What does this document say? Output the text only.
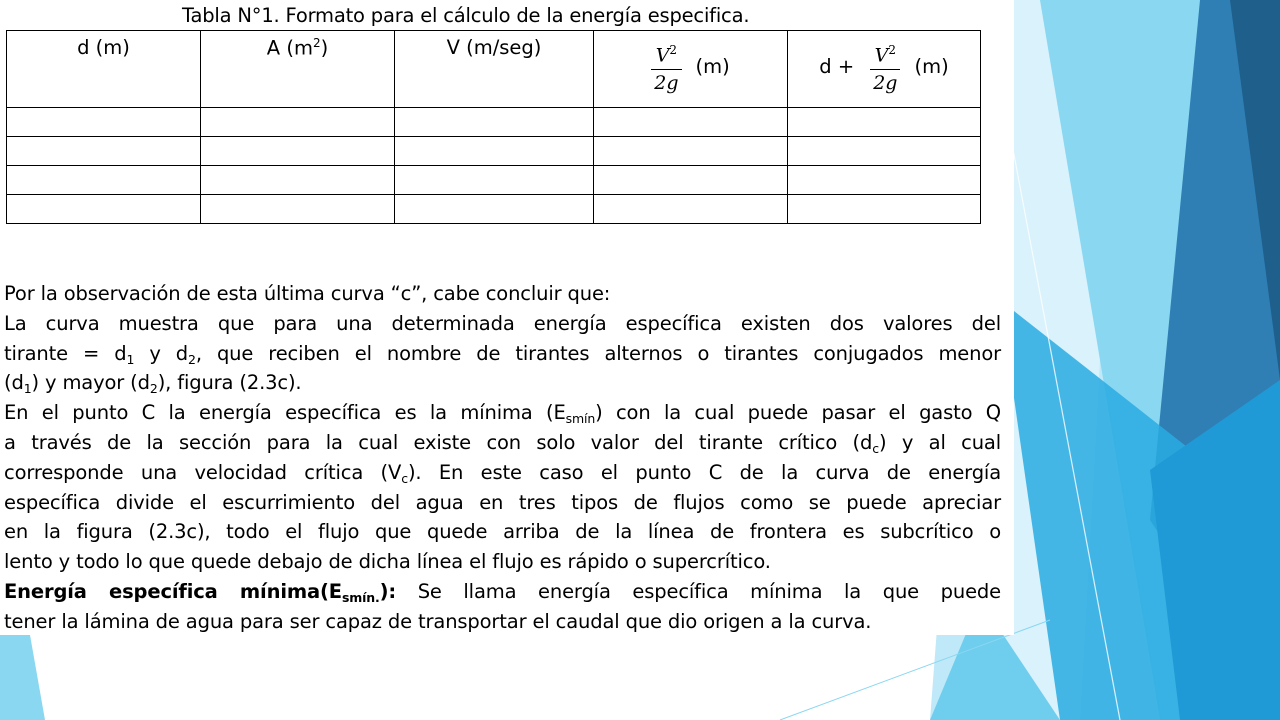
Tabla N°1. Formato para el cálculo de la energía especifica.
d (m)	A $(m^2)$	V (m/seg)	$\frac{V^2}{2g} (m)$	$d + \frac{V^2}{2g} (m)$

Por la observación de esta última curva “c”, cabe concluir que:

La curva muestra que para una determinada energía específica existen dos valores del

tirante = $d_1$ y $d_2$, que reciben el nombre de tirantes alternos o tirantes conjugados menor

$(d_1)$ y mayor $(d_2)$, figura (2.3c).

En el punto C la energía específica es la mínima $(E_{smín})$ con la cual puede pasar el gasto Q

a través de la sección para la cual existe con solo valor del tirante crítico $(d_c)$ y al cual

corresponde una velocidad crítica $(V_c)$. En este caso el punto C de la curva de energía

específica divide el escurrimiento del agua en tres tipos de flujos como se puede apreciar

en la figura (2.3c), todo el flujo que quede arriba de la línea de frontera es subcrítico o

lento y todo lo que quede debajo de dicha línea el flujo es rápido o supercrítico.

Energía específica $mínima(E_{smín.})$: Se llama energía específica mínima la que puede

tener la lámina de agua para ser capaz de transportar el caudal que dio origen a la curva.
